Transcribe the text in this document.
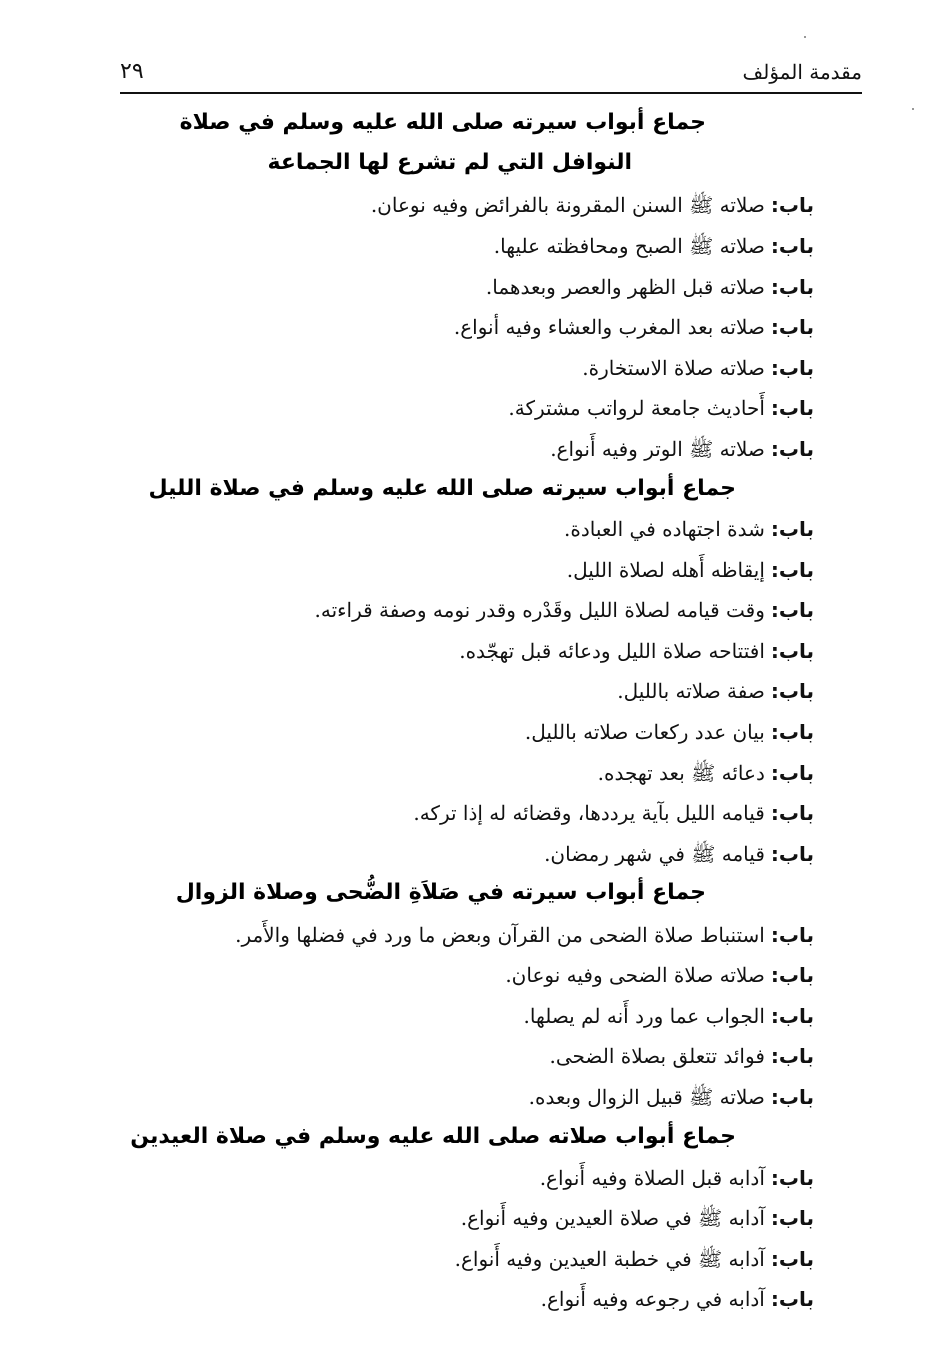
مقدمة المؤلف
٢٩
جماع أبواب سيرته صلى الله عليه وسلم في صلاة
النوافل التي لم تشرع لها الجماعة
باب:صلاته ﷺ السنن المقرونة بالفرائض وفيه نوعان.
باب:صلاته ﷺ الصبح ومحافظته عليها.
باب:صلاته قبل الظهر والعصر وبعدهما.
باب:صلاته بعد المغرب والعشاء وفيه أنواع.
باب:صلاته صلاة الاستخارة.
باب:أَحاديث جامعة لرواتب مشتركة.
باب:صلاته ﷺ الوتر وفيه أَنواع.
جماع أبواب سيرته صلى الله عليه وسلم في صلاة الليل
باب:شدة اجتهاده في العبادة.
باب:إيقاظه أَهله لصلاة الليل.
باب:وقت قيامه لصلاة الليل وقَدْره وقدر نومه وصفة قراءته.
باب:افتتاحه صلاة الليل ودعائه قبل تهجّده.
باب:صفة صلاته بالليل.
باب:بيان عدد ركعات صلاته بالليل.
باب:دعائه ﷺ بعد تهجده.
باب:قيامه الليل بآية يرددها، وقضائه له إذا تركه.
باب:قيامه ﷺ في شهر رمضان.
جماع أبواب سيرته في صَلاَةِ الضُّحى وصلاة الزوال
باب:استنباط صلاة الضحى من القرآن وبعض ما ورد في فضلها والأَمر.
باب:صلاته صلاة الضحى وفيه نوعان.
باب:الجواب عما ورد أَنه لم يصلها.
باب:فوائد تتعلق بصلاة الضحى.
باب:صلاته ﷺ قبيل الزوال وبعده.
جماع أبواب صلاته صلى الله عليه وسلم في صلاة العيدين
باب:آدابه قبل الصلاة وفيه أَنواع.
باب:آدابه ﷺ في صلاة العيدين وفيه أَنواع.
باب:آدابه ﷺ في خطبة العيدين وفيه أَنواع.
باب:آدابه في رجوعه وفيه أَنواع.
